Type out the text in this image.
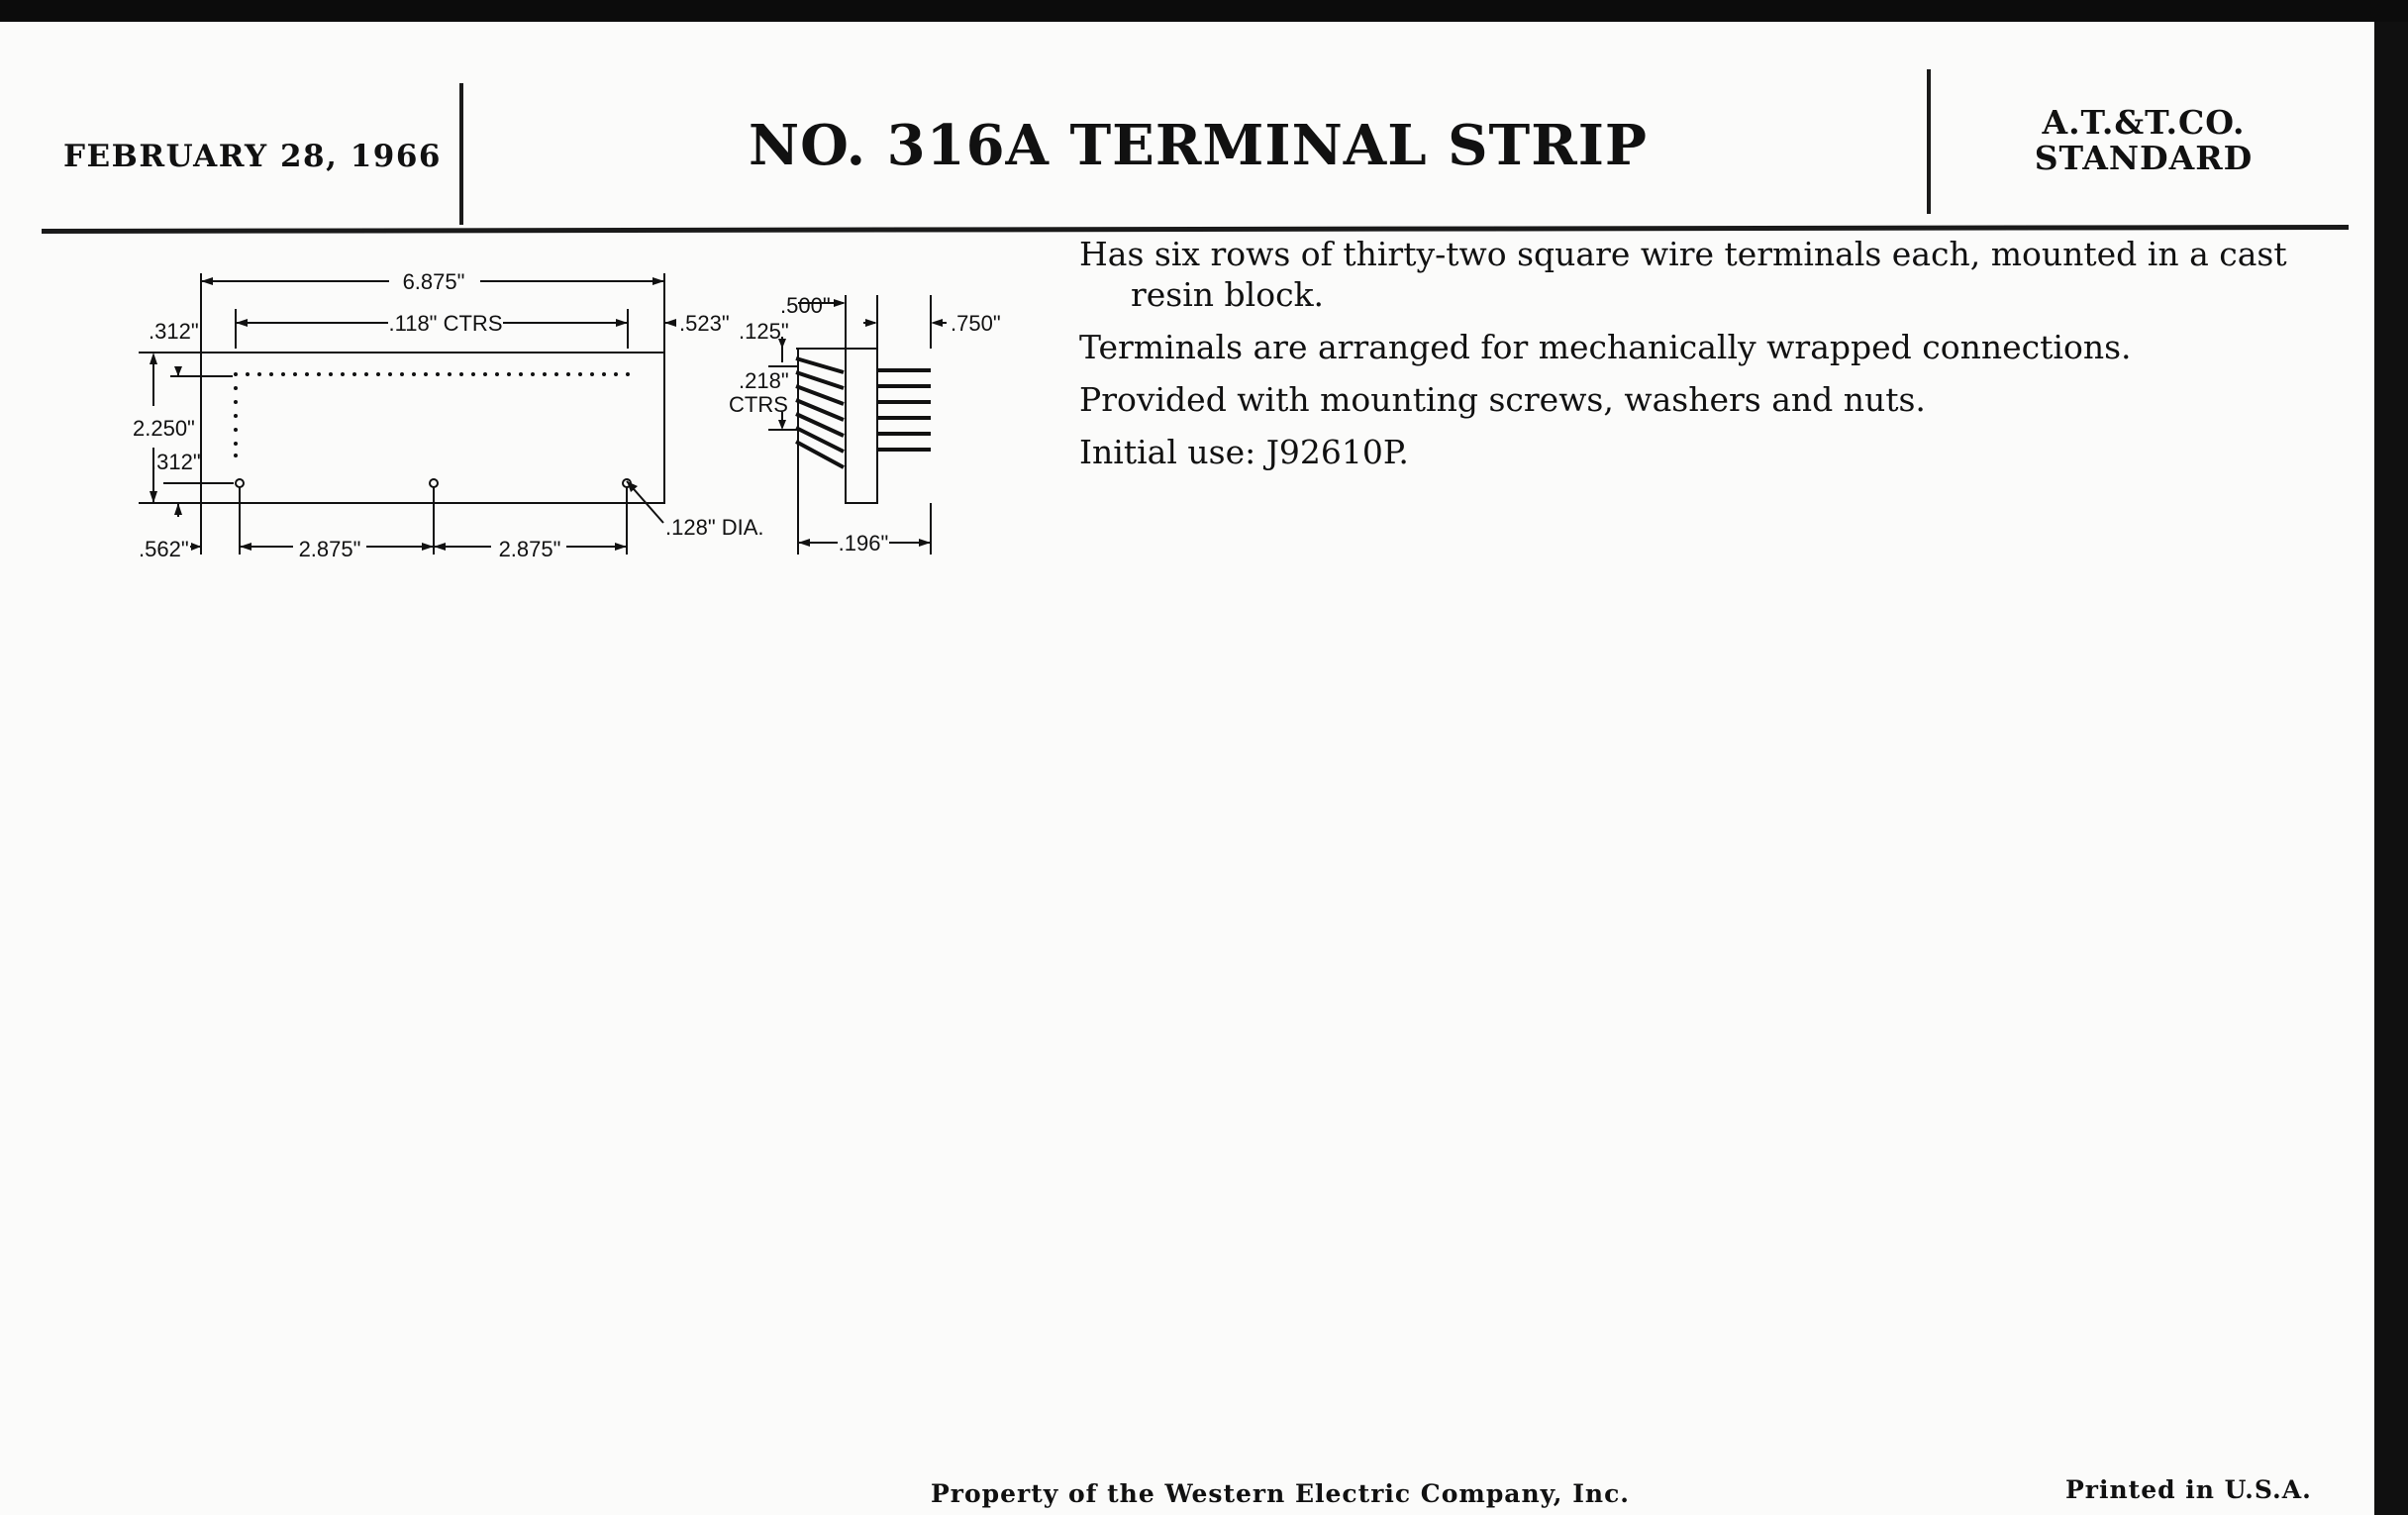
FEBRUARY 28, 1966	NO. 316A TERMINAL STRIP	A.T.&T.CO.
STANDARD

Has six rows of thirty-two square wire terminals each, mounted in a cast resin block.

Terminals are arranged for mechanically wrapped connections.

Provided with mounting screws, washers and nuts.

Initial use: J92610P.

6.875"
.118" CTRS	.523"
.312"
2.250"
.312"
.562"	2.875"	2.875"
.128" DIA.
.500"
.125"
.218"
CTRS
.750"
.196"
Property of the Western Electric Company, Inc.	Printed in U.S.A.
